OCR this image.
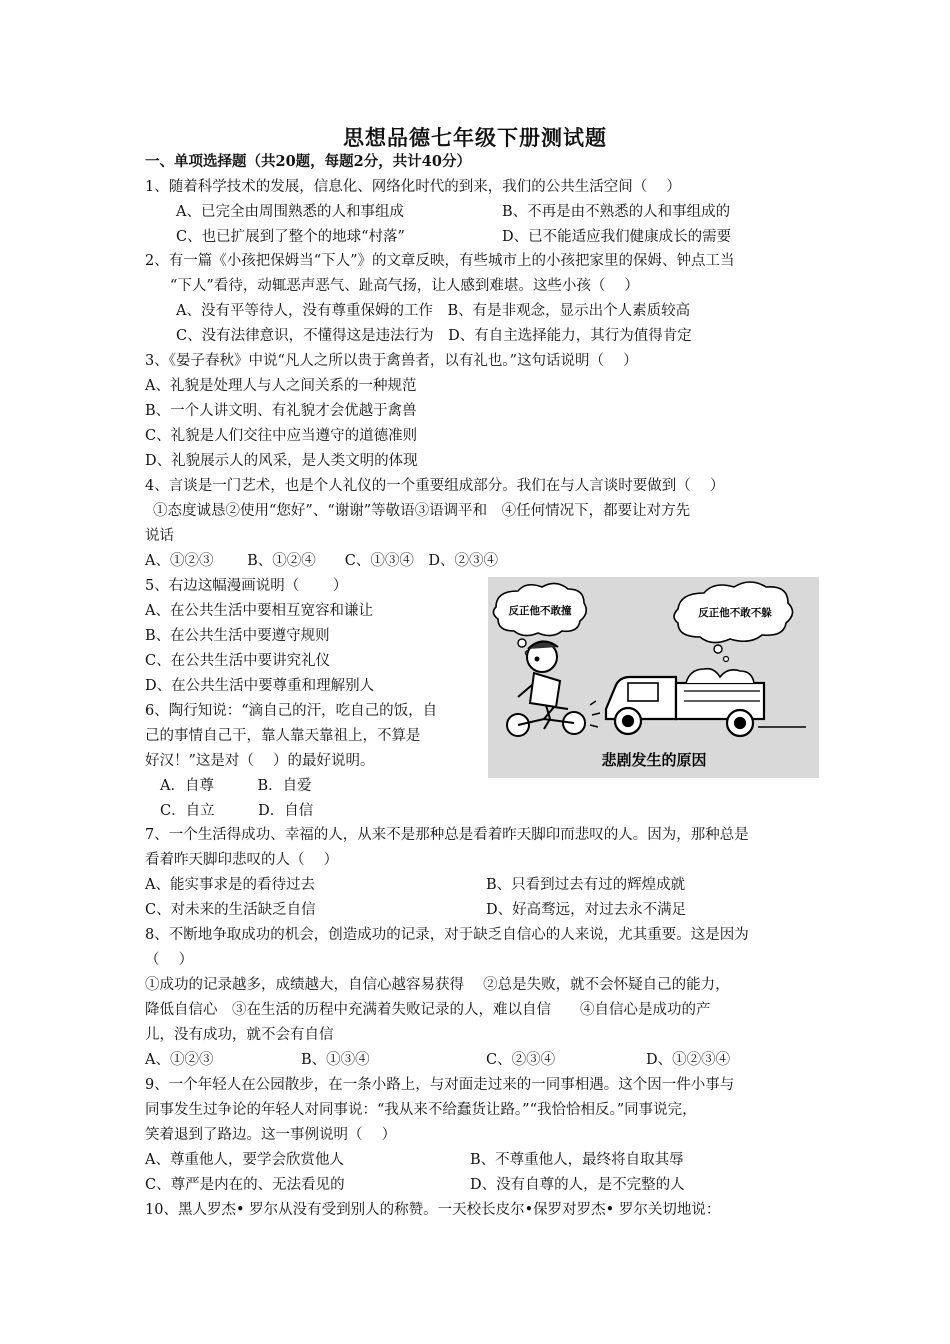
思想品德七年级下册测试题
一、单项选择题（共20题，每题2分，共计40分）
1、随着科学技术的发展，信息化、网络化时代的到来，我们的公共生活空间（　 ）
A、已完全由周围熟悉的人和事组成	B、不再是由不熟悉的人和事组成的
C、也已扩展到了整个的地球“村落”	D、已不能适应我们健康成长的需要
2、有一篇《小孩把保姆当“下人”》的文章反映，有些城市上的小孩把家里的保姆、钟点工当
“下人”看待，动辄恶声恶气、趾高气扬，让人感到难堪。这些小孩（　 ）
A、没有平等待人，没有尊重保姆的工作　B、有是非观念，显示出个人素质较高
C、没有法律意识，不懂得这是违法行为　D、有自主选择能力，其行为值得肯定
3、《晏子春秋》中说“凡人之所以贵于禽兽者，以有礼也。”这句话说明（　 ）
A、礼貌是处理人与人之间关系的一种规范
B、一个人讲文明、有礼貌才会优越于禽兽
C、礼貌是人们交往中应当遵守的道德准则
D、礼貌展示人的风采，是人类文明的体现
4、言谈是一门艺术，也是个人礼仪的一个重要组成部分。我们在与人言谈时要做到（　 ）
①态度诚恳②使用“您好”、“谢谢”等敬语③语调平和　④任何情况下，都要让对方先
说话
A、①②③　　 B、①②④　　C、①③④　D、②③④
5、右边这幅漫画说明（　　 ）
A、在公共生活中要相互宽容和谦让
B、在公共生活中要遵守规则
C、在公共生活中要讲究礼仪
D、在公共生活中要尊重和理解别人
反正他不敢撞	反正他不敢不躲
悲剧发生的原因
6、陶行知说：“滴自己的汗，吃自己的饭，自
己的事情自己干，靠人靠天靠祖上，不算是
好汉！”这是对（　 ）的最好说明。
A．自尊　　　B．自爱
C．自立　　　D．自信
7、一个生活得成功、幸福的人，从来不是那种总是看着昨天脚印而悲叹的人。因为，那种总是
看着昨天脚印悲叹的人（　 ）
A、能实事求是的看待过去	B、只看到过去有过的辉煌成就
C、对未来的生活缺乏自信	D、好高骛远，对过去永不满足
8、不断地争取成功的机会，创造成功的记录，对于缺乏自信心的人来说，尤其重要。这是因为
（　 ）
①成功的记录越多，成绩越大，自信心越容易获得　 ②总是失败，就不会怀疑自己的能力，
降低自信心　③在生活的历程中充满着失败记录的人，难以自信　　④自信心是成功的产
儿，没有成功，就不会有自信
A、①②③	B、①③④	C、②③④	D、①②③④
9、一个年轻人在公园散步，在一条小路上，与对面走过来的一同事相遇。这个因一件小事与
同事发生过争论的年轻人对同事说：“我从来不给蠢货让路。”“我恰恰相反。”同事说完，
笑着退到了路边。这一事例说明（　 ）
A、尊重他人，要学会欣赏他人	B、不尊重他人，最终将自取其辱
C、尊严是内在的、无法看见的	D、没有自尊的人，是不完整的人
10、黑人罗杰• 罗尔从没有受到别人的称赞。一天校长皮尔•保罗对罗杰• 罗尔关切地说：
